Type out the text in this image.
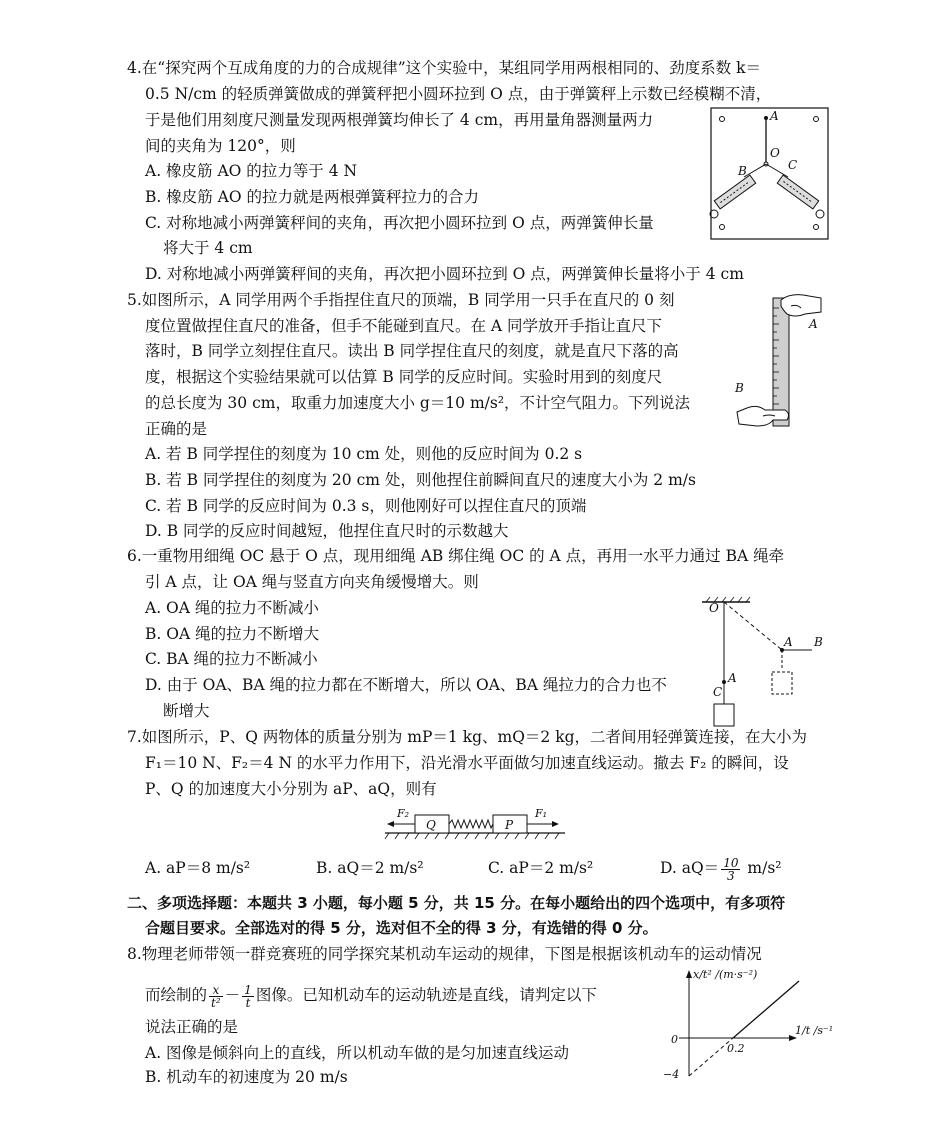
4.在“探究两个互成角度的力的合成规律”这个实验中，某组同学用两根相同的、劲度系数 k＝
0.5 N/cm 的轻质弹簧做成的弹簧秤把小圆环拉到 O 点，由于弹簧秤上示数已经模糊不清，
于是他们用刻度尺测量发现两根弹簧均伸长了 4 cm，再用量角器测量两力
间的夹角为 120°，则
A. 橡皮筋 AO 的拉力等于 4 N
B. 橡皮筋 AO 的拉力就是两根弹簧秤拉力的合力
C. 对称地减小两弹簧秤间的夹角，再次把小圆环拉到 O 点，两弹簧伸长量
将大于 4 cm
D. 对称地减小两弹簧秤间的夹角，再次把小圆环拉到 O 点，两弹簧伸长量将小于 4 cm
A
O
B	C
5.如图所示，A 同学用两个手指捏住直尺的顶端，B 同学用一只手在直尺的 0 刻
度位置做捏住直尺的准备，但手不能碰到直尺。在 A 同学放开手指让直尺下
落时，B 同学立刻捏住直尺。读出 B 同学捏住直尺的刻度，就是直尺下落的高
度，根据这个实验结果就可以估算 B 同学的反应时间。实验时用到的刻度尺
的总长度为 30 cm，取重力加速度大小 g＝10 m/s²，不计空气阻力。下列说法
正确的是
A. 若 B 同学捏住的刻度为 10 cm 处，则他的反应时间为 0.2 s
B. 若 B 同学捏住的刻度为 20 cm 处，则他捏住前瞬间直尺的速度大小为 2 m/s
C. 若 B 同学的反应时间为 0.3 s，则他刚好可以捏住直尺的顶端
D. B 同学的反应时间越短，他捏住直尺时的示数越大
A
B
6.一重物用细绳 OC 悬于 O 点，现用细绳 AB 绑住绳 OC 的 A 点，再用一水平力通过 BA 绳牵
引 A 点，让 OA 绳与竖直方向夹角缓慢增大。则
A. OA 绳的拉力不断减小
B. OA 绳的拉力不断增大
C. BA 绳的拉力不断减小
D. 由于 OA、BA 绳的拉力都在不断增大，所以 OA、BA 绳拉力的合力也不
断增大
O
A B
A
C
7.如图所示，P、Q 两物体的质量分别为 mP＝1 kg、mQ＝2 kg，二者间用轻弹簧连接，在大小为
F₁＝10 N、F₂＝4 N 的水平力作用下，沿光滑水平面做匀加速直线运动。撤去 F₂ 的瞬间，设
P、Q 的加速度大小分别为 aP、aQ，则有
F₂
Q	P
F₁
A. aP＝8 m/s²	B. aQ＝2 m/s²	C. aP＝2 m/s²	D. $aQ= \frac{10}{3} m/s^2$
二、多项选择题：本题共 3 小题，每小题 5 分，共 15 分。在每小题给出的四个选项中，有多项符
合题目要求。全部选对的得 5 分，选对但不全的得 3 分，有选错的得 0 分。
8.物理老师带领一群竞赛班的同学探究某机动车运动的规律，下图是根据该机动车的运动情况
而绘制的 $\frac{x}{\text{t²}} - \frac{1}{t}$ 图像。已知机动车的运动轨迹是直线，请判定以下
说法正确的是
A. 图像是倾斜向上的直线，所以机动车做的是匀加速直线运动
B. 机动车的初速度为 20 m/s
x/t² /(m·s⁻²)
1/t /s⁻¹
0
0.2
−4
